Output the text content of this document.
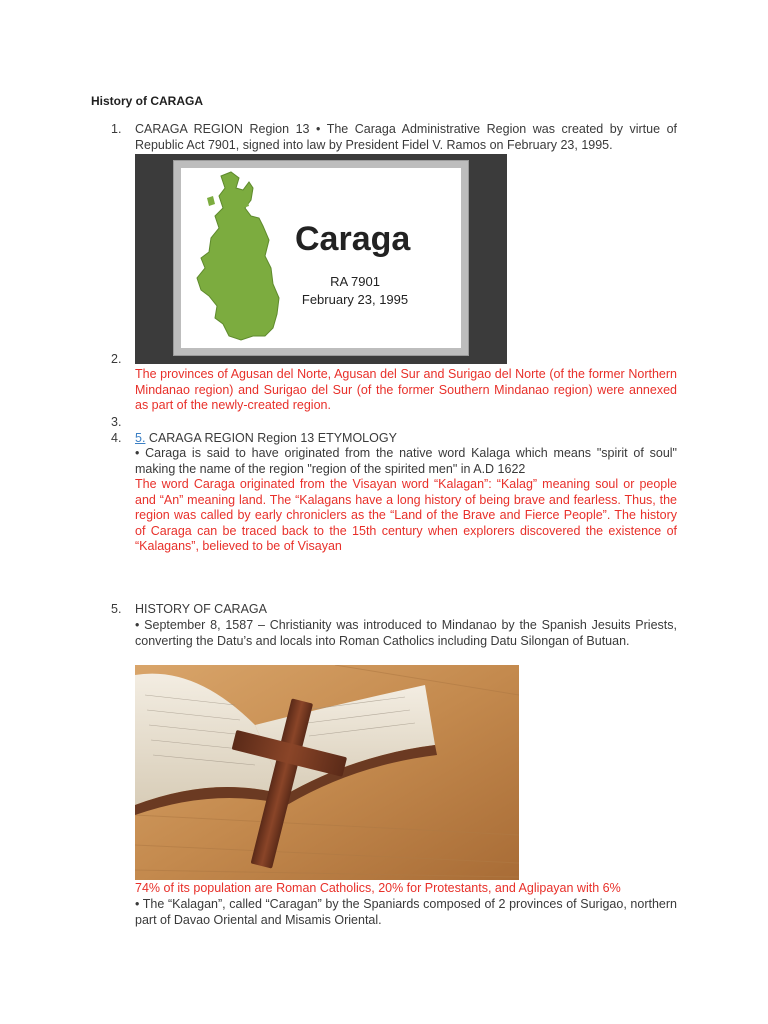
History of CARAGA
1.	CARAGA REGION Region 13 • The Caraga Administrative Region was created by virtue of Republic Act 7901, signed into law by President Fidel V. Ramos on February 23, 1995.

Caraga
RA 7901
February 23, 1995
2.

The provinces of Agusan del Norte, Agusan del Sur and Surigao del Norte (of the former Northern Mindanao region) and Surigao del Sur (of the former Southern Mindanao region) were annexed as part of the newly-created region.

3.
4.	5. CARAGA REGION Region 13 ETYMOLOGY

• Caraga is said to have originated from the native word Kalaga which means "spirit of soul" making the name of the region "region of the spirited men" in A.D 1622

The word Caraga originated from the Visayan word “Kalagan”: “Kalag” meaning soul or people and “An” meaning land. The “Kalagans have a long history of being brave and fearless. Thus, the region was called by early chroniclers as the “Land of the Brave and Fierce People”. The history of Caraga can be traced back to the 15th century when explorers discovered the existence of “Kalagans”, believed to be of Visayan

5.	HISTORY OF CARAGA

• September 8, 1587 – Christianity was introduced to Mindanao by the Spanish Jesuits Priests, converting the Datu’s and locals into Roman Catholics including Datu Silongan of Butuan.

74% of its population are Roman Catholics, 20% for Protestants, and Aglipayan with 6%

• The “Kalagan”, called “Caragan” by the Spaniards composed of 2 provinces of Surigao, northern part of Davao Oriental and Misamis Oriental.
